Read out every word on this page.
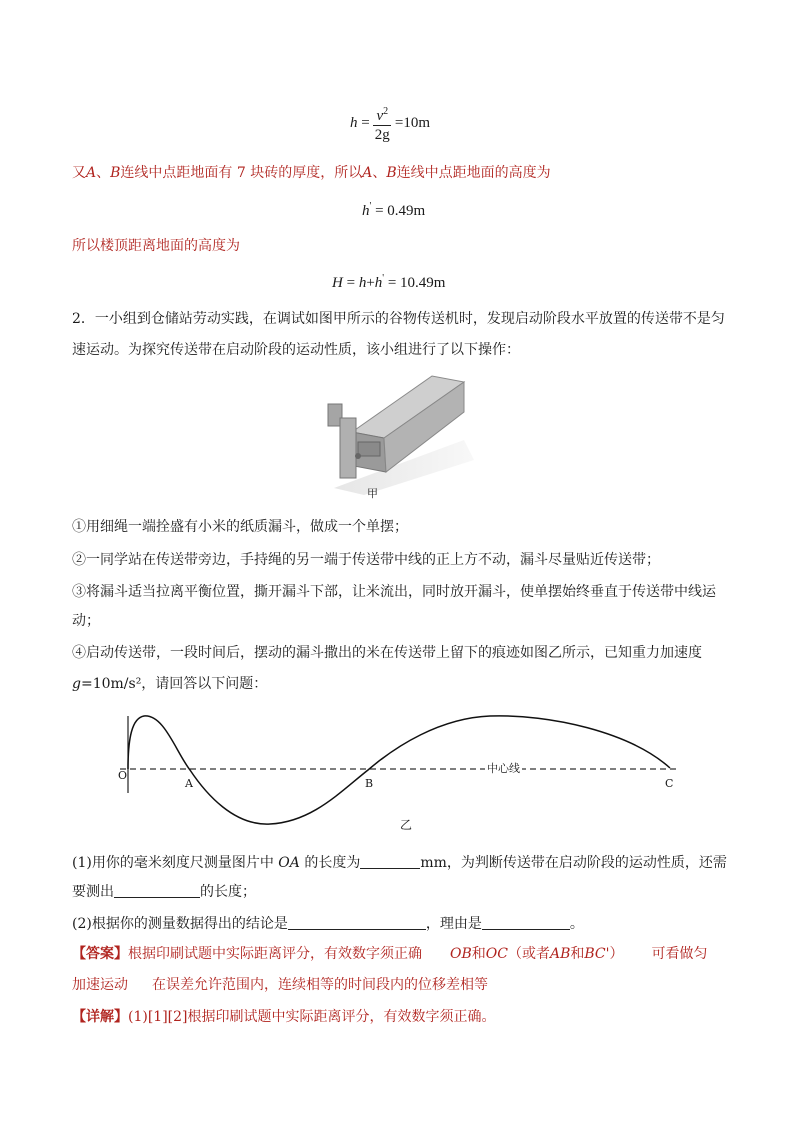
$h = \frac{v^2}{2g} =10m$
又A、B连线中点距地面有 7 块砖的厚度，所以A、B连线中点距地面的高度为
h' = 0.49m
所以楼顶距离地面的高度为
H = h+h' = 10.49m
2．一小组到仓储站劳动实践，在调试如图甲所示的谷物传送机时，发现启动阶段水平放置的传送带不是匀
速运动。为探究传送带在启动阶段的运动性质，该小组进行了以下操作：
甲
①用细绳一端拴盛有小米的纸质漏斗，做成一个单摆；
②一同学站在传送带旁边，手持绳的另一端于传送带中线的正上方不动，漏斗尽量贴近传送带；
③将漏斗适当拉离平衡位置，撕开漏斗下部，让米流出，同时放开漏斗，使单摆始终垂直于传送带中线运
动；
④启动传送带，一段时间后，摆动的漏斗撒出的米在传送带上留下的痕迹如图乙所示，已知重力加速度
g=10m/s²，请回答以下问题：
O
A	B	C
中心线
乙
(1)用你的毫米刻度尺测量图片中 OA 的长度为	mm，为判断传送带在启动阶段的运动性质，还需
要测出	的长度；
(2)根据你的测量数据得出的结论是	，理由是	。
【答案】根据印刷试题中实际距离评分，有效数字须正确 OB和OC（或者AB和BC'） 可看做匀
加速运动 在误差允许范围内，连续相等的时间段内的位移差相等
【详解】(1)[1][2]根据印刷试题中实际距离评分，有效数字须正确。
